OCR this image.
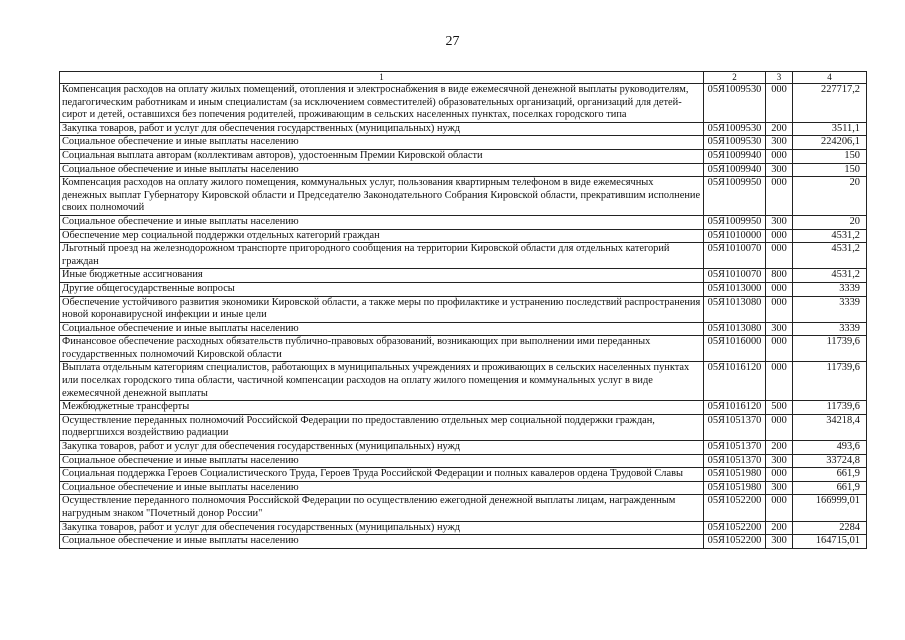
27
1	2	3	4
Компенсация расходов на оплату жилых помещений, отопления и электроснабжения в виде ежемесячной денежной выплаты руководителям, педагогическим работникам и иным специалистам (за исключением совместителей) образовательных организаций, организаций для детей-сирот и детей, оставшихся без попечения родителей, проживающим в сельских населенных пунктах, поселках городского типа	05Я1009530	000	227717,2
Закупка товаров, работ и услуг для обеспечения государственных (муниципальных) нужд	05Я1009530	200	3511,1
Социальное обеспечение и иные выплаты населению	05Я1009530	300	224206,1
Социальная выплата авторам (коллективам авторов), удостоенным Премии Кировской области	05Я1009940	000	150
Социальное обеспечение и иные выплаты населению	05Я1009940	300	150
Компенсация расходов на оплату жилого помещения, коммунальных услуг, пользования квартирным телефоном в виде ежемесячных денежных выплат Губернатору Кировской области и Председателю Законодательного Собрания Кировской области, прекратившим исполнение своих полномочий	05Я1009950	000	20
Социальное обеспечение и иные выплаты населению	05Я1009950	300	20
Обеспечение мер социальной поддержки отдельных категорий граждан	05Я1010000	000	4531,2
Льготный проезд на железнодорожном транспорте пригородного сообщения на территории Кировской области для отдельных категорий граждан	05Я1010070	000	4531,2
Иные бюджетные ассигнования	05Я1010070	800	4531,2
Другие общегосударственные вопросы	05Я1013000	000	3339
Обеспечение устойчивого развития экономики Кировской области, а также меры по профилактике и устранению последствий распространения новой коронавирусной инфекции и иные цели	05Я1013080	000	3339
Социальное обеспечение и иные выплаты населению	05Я1013080	300	3339
Финансовое обеспечение расходных обязательств публично-правовых образований, возникающих при выполнении ими переданных государственных полномочий Кировской области	05Я1016000	000	11739,6
Выплата отдельным категориям специалистов, работающих в муниципальных учреждениях и проживающих в сельских населенных пунктах или поселках городского типа области, частичной компенсации расходов на оплату жилого помещения и коммунальных услуг в виде ежемесячной денежной выплаты	05Я1016120	000	11739,6
Межбюджетные трансферты	05Я1016120	500	11739,6
Осуществление переданных полномочий Российской Федерации по предоставлению отдельных мер социальной поддержки граждан, подвергшихся воздействию радиации	05Я1051370	000	34218,4
Закупка товаров, работ и услуг для обеспечения государственных (муниципальных) нужд	05Я1051370	200	493,6
Социальное обеспечение и иные выплаты населению	05Я1051370	300	33724,8
Социальная поддержка Героев Социалистического Труда, Героев Труда Российской Федерации и полных кавалеров ордена Трудовой Славы	05Я1051980	000	661,9
Социальное обеспечение и иные выплаты населению	05Я1051980	300	661,9
Осуществление переданного полномочия Российской Федерации по осуществлению ежегодной денежной выплаты лицам, награжденным нагрудным знаком "Почетный донор России"	05Я1052200	000	166999,01
Закупка товаров, работ и услуг для обеспечения государственных (муниципальных) нужд	05Я1052200	200	2284
Социальное обеспечение и иные выплаты населению	05Я1052200	300	164715,01
